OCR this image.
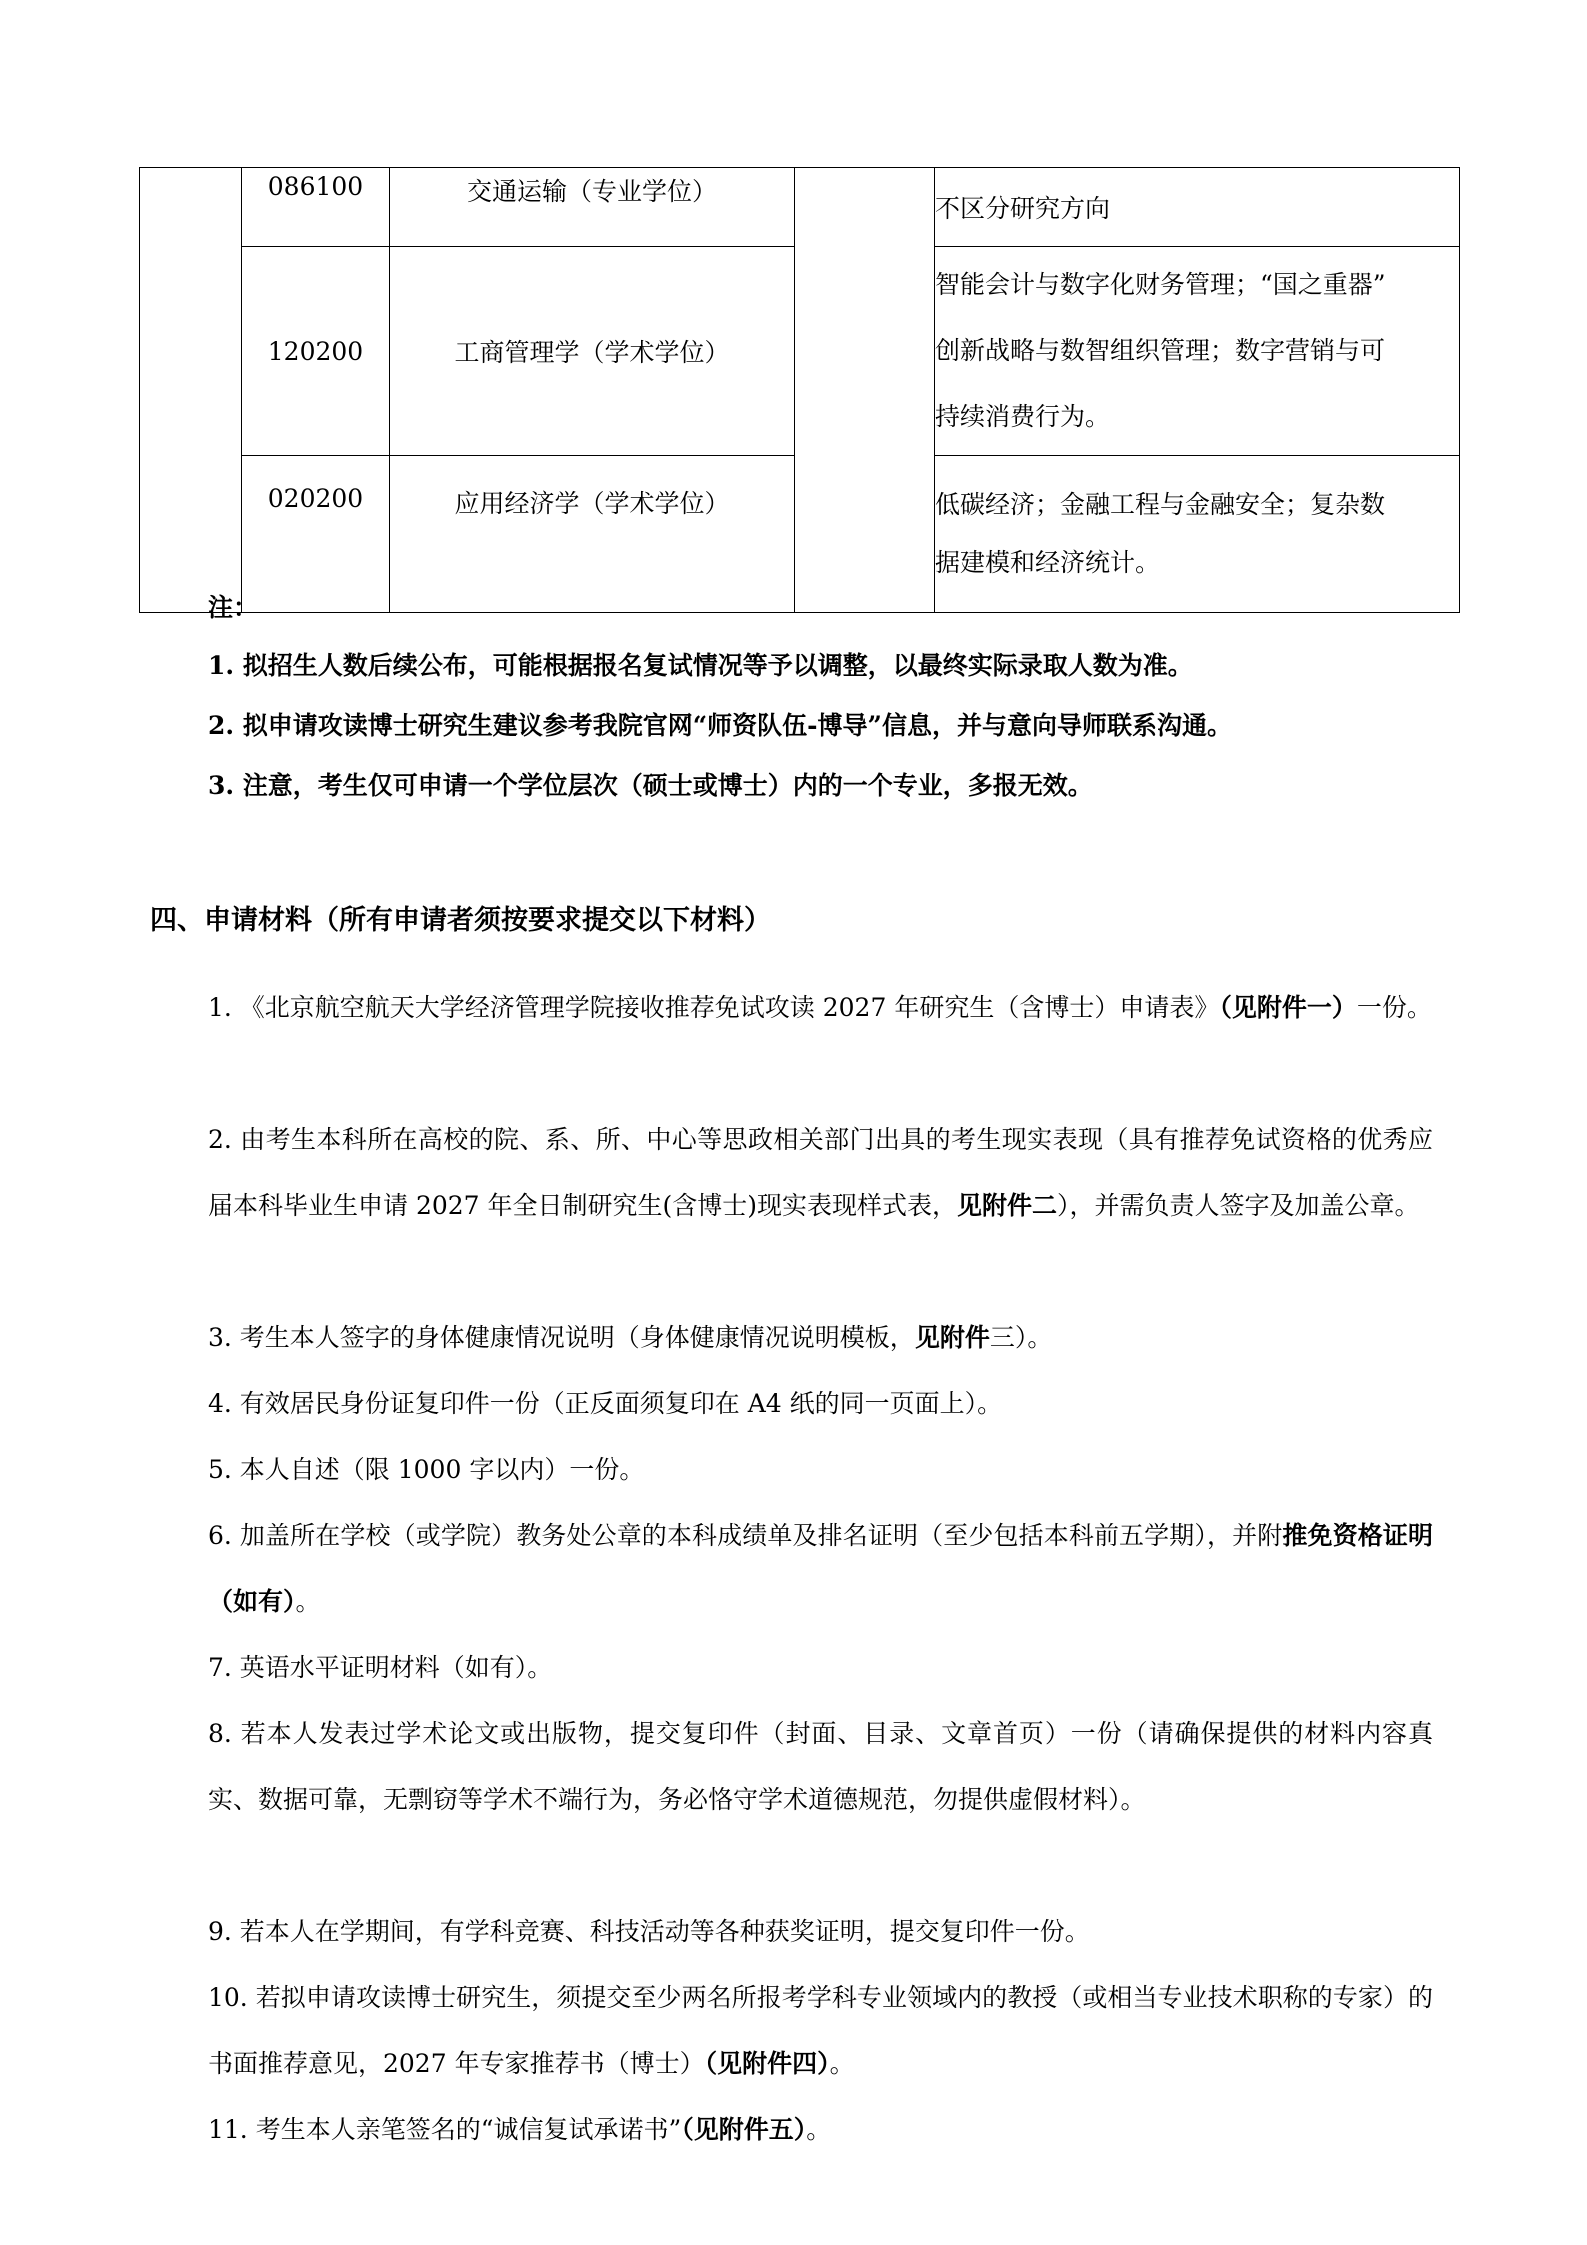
	086100	交通运输（专业学位）		不区分研究方向

	120200	工商管理学（学术学位）		智能会计与数字化财务管理；“国之重器”
创新战略与数智组织管理；数字营销与可
持续消费行为。

	020200	应用经济学（学术学位）		低碳经济；金融工程与金融安全；复杂数
据建模和经济统计。
注：
1. 拟招生人数后续公布，可能根据报名复试情况等予以调整，以最终实际录取人数为准。
2. 拟申请攻读博士研究生建议参考我院官网“师资队伍-博导”信息，并与意向导师联系沟通。
3. 注意，考生仅可申请一个学位层次（硕士或博士）内的一个专业，多报无效。
四、申请材料（所有申请者须按要求提交以下材料）
1. 《北京航空航天大学经济管理学院接收推荐免试攻读 2027 年研究生（含博士）申请表》（见附件一）一份。
2. 由考生本科所在高校的院、系、所、中心等思政相关部门出具的考生现实表现（具有推荐免试资格的优秀应届本科毕业生申请 2027 年全日制研究生(含博士)现实表现样式表，见附件二），并需负责人签字及加盖公章。
3. 考生本人签字的身体健康情况说明（身体健康情况说明模板，见附件三）。
4. 有效居民身份证复印件一份（正反面须复印在 A4 纸的同一页面上）。
5. 本人自述（限 1000 字以内）一份。
6. 加盖所在学校（或学院）教务处公章的本科成绩单及排名证明（至少包括本科前五学期），并附推免资格证明（如有）。
7. 英语水平证明材料（如有）。
8. 若本人发表过学术论文或出版物，提交复印件（封面、目录、文章首页）一份（请确保提供的材料内容真实、数据可靠，无剽窃等学术不端行为，务必恪守学术道德规范，勿提供虚假材料）。
9. 若本人在学期间，有学科竞赛、科技活动等各种获奖证明，提交复印件一份。
10. 若拟申请攻读博士研究生，须提交至少两名所报考学科专业领域内的教授（或相当专业技术职称的专家）的书面推荐意见，2027 年专家推荐书（博士）（见附件四）。
11. 考生本人亲笔签名的“诚信复试承诺书”（见附件五）。
